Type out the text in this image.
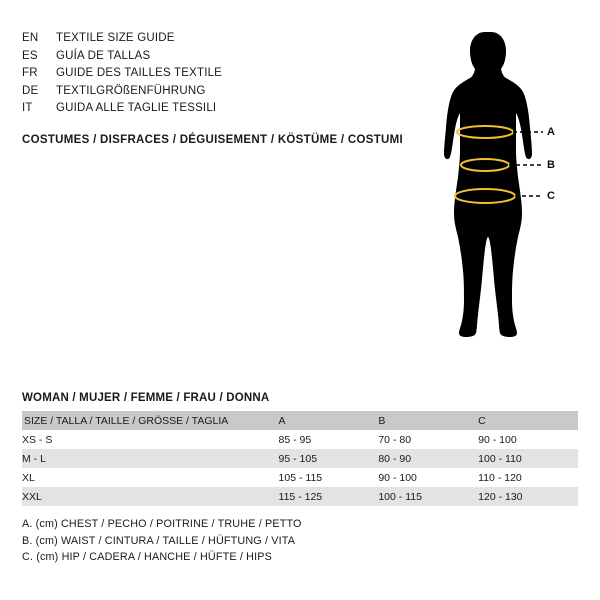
EN	TEXTILE SIZE GUIDE
ES	GUÍA DE TALLAS
FR	GUIDE DES TAILLES TEXTILE
DE	TEXTILGRÖßENFÜHRUNG
IT	GUIDA ALLE TAGLIE TESSILI
COSTUMES / DISFRACES / DÉGUISEMENT / KÖSTÜME / COSTUMI
A
B
C
WOMAN / MUJER / FEMME / FRAU / DONNA
SIZE / TALLA / TAILLE / GRÖSSE / TAGLIA	A	B	C
XS - S	85 - 95	70 - 80	90 - 100
M - L	95 - 105	80 - 90	100 - 110
XL	105 - 115	90 - 100	110 - 120
XXL	115 - 125	100 - 115	120 - 130
A. (cm) CHEST / PECHO / POITRINE / TRUHE / PETTO
B. (cm) WAIST / CINTURA / TAILLE / HÜFTUNG / VITA
C. (cm) HIP / CADERA / HANCHE / HÜFTE / HIPS
